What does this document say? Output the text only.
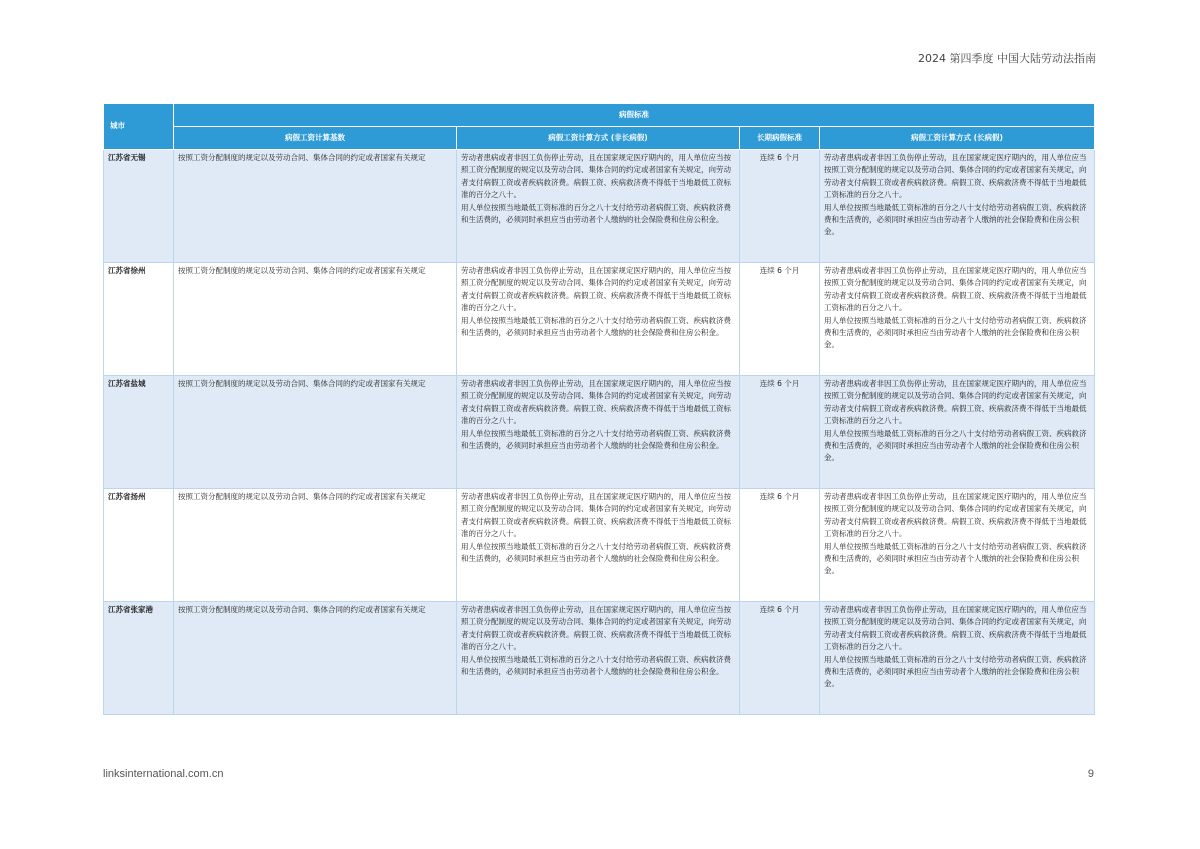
2024 第四季度 中国大陆劳动法指南
城市	病假标准			
	病假工资计算基数	病假工资计算方式 (非长病假)	长期病假标准	病假工资计算方式 (长病假)
江苏省无锡	按照工资分配制度的规定以及劳动合同、集体合同的约定或者国家有关规定	劳动者患病或者非因工负伤停止劳动，且在国家规定医疗期内的，用人单位应当按照工资分配制度的规定以及劳动合同、集体合同的约定或者国家有关规定，向劳动者支付病假工资或者疾病救济费。病假工资、疾病救济费不得低于当地最低工资标准的百分之八十。
用人单位按照当地最低工资标准的百分之八十支付给劳动者病假工资、疾病救济费和生活费的，必须同时承担应当由劳动者个人缴纳的社会保险费和住房公积金。	连续 6 个月	劳动者患病或者非因工负伤停止劳动，且在国家规定医疗期内的，用人单位应当按照工资分配制度的规定以及劳动合同、集体合同的约定或者国家有关规定，向劳动者支付病假工资或者疾病救济费。病假工资、疾病救济费不得低于当地最低工资标准的百分之八十。
用人单位按照当地最低工资标准的百分之八十支付给劳动者病假工资、疾病救济费和生活费的，必须同时承担应当由劳动者个人缴纳的社会保险费和住房公积金。

江苏省徐州	按照工资分配制度的规定以及劳动合同、集体合同的约定或者国家有关规定	劳动者患病或者非因工负伤停止劳动，且在国家规定医疗期内的，用人单位应当按照工资分配制度的规定以及劳动合同、集体合同的约定或者国家有关规定，向劳动者支付病假工资或者疾病救济费。病假工资、疾病救济费不得低于当地最低工资标准的百分之八十。
用人单位按照当地最低工资标准的百分之八十支付给劳动者病假工资、疾病救济费和生活费的，必须同时承担应当由劳动者个人缴纳的社会保险费和住房公积金。	连续 6 个月	劳动者患病或者非因工负伤停止劳动，且在国家规定医疗期内的，用人单位应当按照工资分配制度的规定以及劳动合同、集体合同的约定或者国家有关规定，向劳动者支付病假工资或者疾病救济费。病假工资、疾病救济费不得低于当地最低工资标准的百分之八十。
用人单位按照当地最低工资标准的百分之八十支付给劳动者病假工资、疾病救济费和生活费的，必须同时承担应当由劳动者个人缴纳的社会保险费和住房公积金。

江苏省盐城	按照工资分配制度的规定以及劳动合同、集体合同的约定或者国家有关规定	劳动者患病或者非因工负伤停止劳动，且在国家规定医疗期内的，用人单位应当按照工资分配制度的规定以及劳动合同、集体合同的约定或者国家有关规定，向劳动者支付病假工资或者疾病救济费。病假工资、疾病救济费不得低于当地最低工资标准的百分之八十。
用人单位按照当地最低工资标准的百分之八十支付给劳动者病假工资、疾病救济费和生活费的，必须同时承担应当由劳动者个人缴纳的社会保险费和住房公积金。	连续 6 个月	劳动者患病或者非因工负伤停止劳动，且在国家规定医疗期内的，用人单位应当按照工资分配制度的规定以及劳动合同、集体合同的约定或者国家有关规定，向劳动者支付病假工资或者疾病救济费。病假工资、疾病救济费不得低于当地最低工资标准的百分之八十。
用人单位按照当地最低工资标准的百分之八十支付给劳动者病假工资、疾病救济费和生活费的，必须同时承担应当由劳动者个人缴纳的社会保险费和住房公积金。

江苏省扬州	按照工资分配制度的规定以及劳动合同、集体合同的约定或者国家有关规定	劳动者患病或者非因工负伤停止劳动，且在国家规定医疗期内的，用人单位应当按照工资分配制度的规定以及劳动合同、集体合同的约定或者国家有关规定，向劳动者支付病假工资或者疾病救济费。病假工资、疾病救济费不得低于当地最低工资标准的百分之八十。
用人单位按照当地最低工资标准的百分之八十支付给劳动者病假工资、疾病救济费和生活费的，必须同时承担应当由劳动者个人缴纳的社会保险费和住房公积金。	连续 6 个月	劳动者患病或者非因工负伤停止劳动，且在国家规定医疗期内的，用人单位应当按照工资分配制度的规定以及劳动合同、集体合同的约定或者国家有关规定，向劳动者支付病假工资或者疾病救济费。病假工资、疾病救济费不得低于当地最低工资标准的百分之八十。
用人单位按照当地最低工资标准的百分之八十支付给劳动者病假工资、疾病救济费和生活费的，必须同时承担应当由劳动者个人缴纳的社会保险费和住房公积金。

江苏省张家港	按照工资分配制度的规定以及劳动合同、集体合同的约定或者国家有关规定	劳动者患病或者非因工负伤停止劳动，且在国家规定医疗期内的，用人单位应当按照工资分配制度的规定以及劳动合同、集体合同的约定或者国家有关规定，向劳动者支付病假工资或者疾病救济费。病假工资、疾病救济费不得低于当地最低工资标准的百分之八十。
用人单位按照当地最低工资标准的百分之八十支付给劳动者病假工资、疾病救济费和生活费的，必须同时承担应当由劳动者个人缴纳的社会保险费和住房公积金。	连续 6 个月	劳动者患病或者非因工负伤停止劳动，且在国家规定医疗期内的，用人单位应当按照工资分配制度的规定以及劳动合同、集体合同的约定或者国家有关规定，向劳动者支付病假工资或者疾病救济费。病假工资、疾病救济费不得低于当地最低工资标准的百分之八十。
用人单位按照当地最低工资标准的百分之八十支付给劳动者病假工资、疾病救济费和生活费的，必须同时承担应当由劳动者个人缴纳的社会保险费和住房公积金。
linksinternational.com.cn	9
